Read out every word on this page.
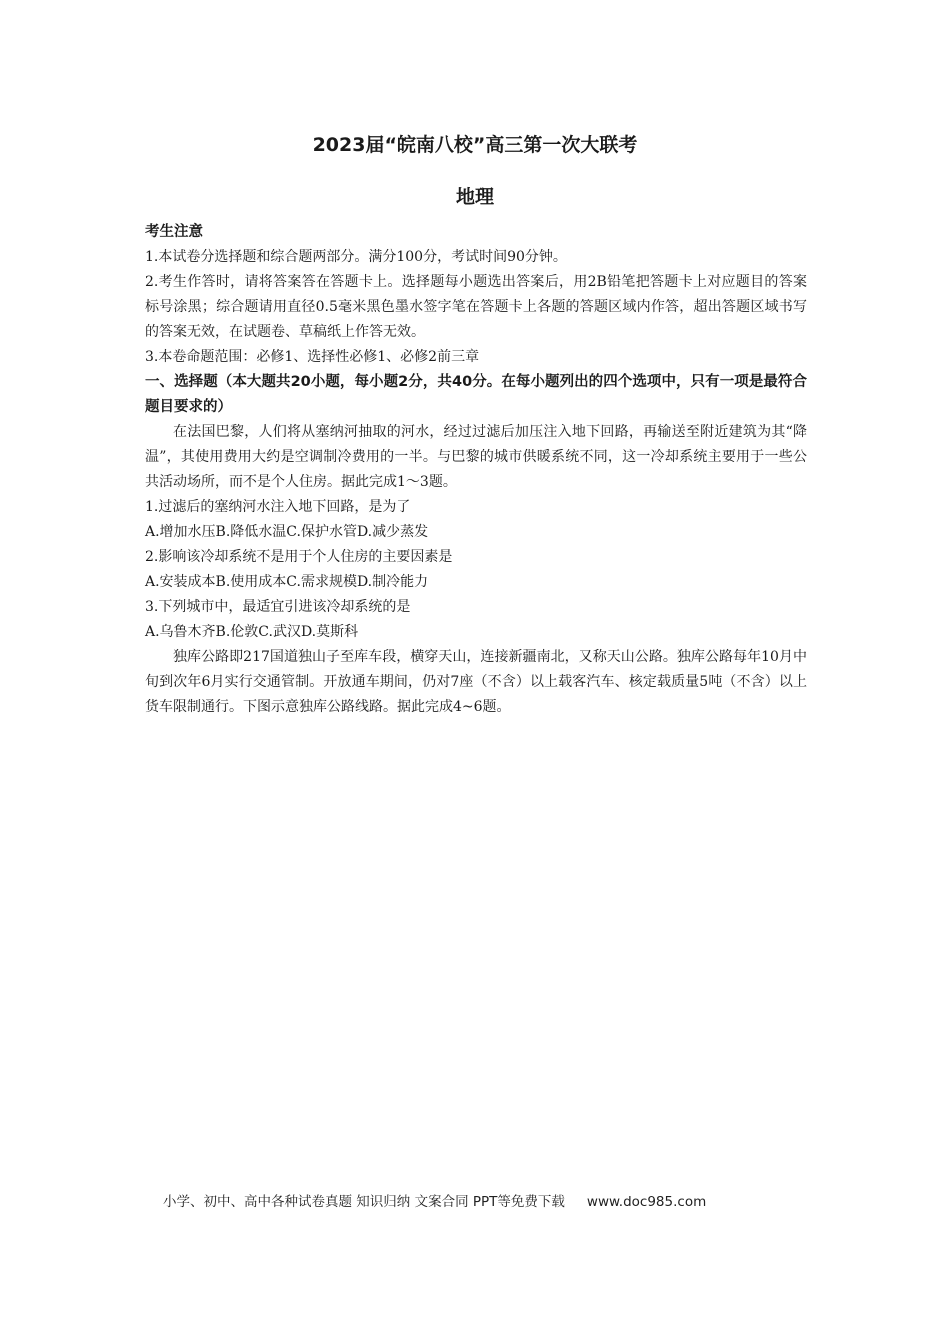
2023届“皖南八校”高三第一次大联考
地理

考生注意

1.本试卷分选择题和综合题两部分。满分100分，考试时间90分钟。

2.考生作答时，请将答案答在答题卡上。选择题每小题选出答案后，用2B铅笔把答题卡上对应题目的答案标号涂黑；综合题请用直径0.5毫米黑色墨水签字笔在答题卡上各题的答题区域内作答，超出答题区域书写的答案无效，在试题卷、草稿纸上作答无效。

3.本卷命题范围：必修1、选择性必修1、必修2前三章

一、选择题（本大题共20小题，每小题2分，共40分。在每小题列出的四个选项中，只有一项是最符合题目要求的）

在法国巴黎，人们将从塞纳河抽取的河水，经过过滤后加压注入地下回路，再输送至附近建筑为其“降温”，其使用费用大约是空调制冷费用的一半。与巴黎的城市供暖系统不同，这一冷却系统主要用于一些公共活动场所，而不是个人住房。据此完成1～3题。

1.过滤后的塞纳河水注入地下回路，是为了

A.增加水压B.降低水温C.保护水管D.减少蒸发

2.影响该冷却系统不是用于个人住房的主要因素是

A.安装成本B.使用成本C.需求规模D.制冷能力

3.下列城市中，最适宜引进该冷却系统的是

A.乌鲁木齐B.伦敦C.武汉D.莫斯科

独库公路即217国道独山子至库车段，横穿天山，连接新疆南北，又称天山公路。独库公路每年10月中旬到次年6月实行交通管制。开放通车期间，仍对7座（不含）以上载客汽车、核定载质量5吨（不含）以上货车限制通行。下图示意独库公路线路。据此完成4~6题。

小学、初中、高中各种试卷真题 知识归纳 文案合同 PPT等免费下载 www.doc985.com
